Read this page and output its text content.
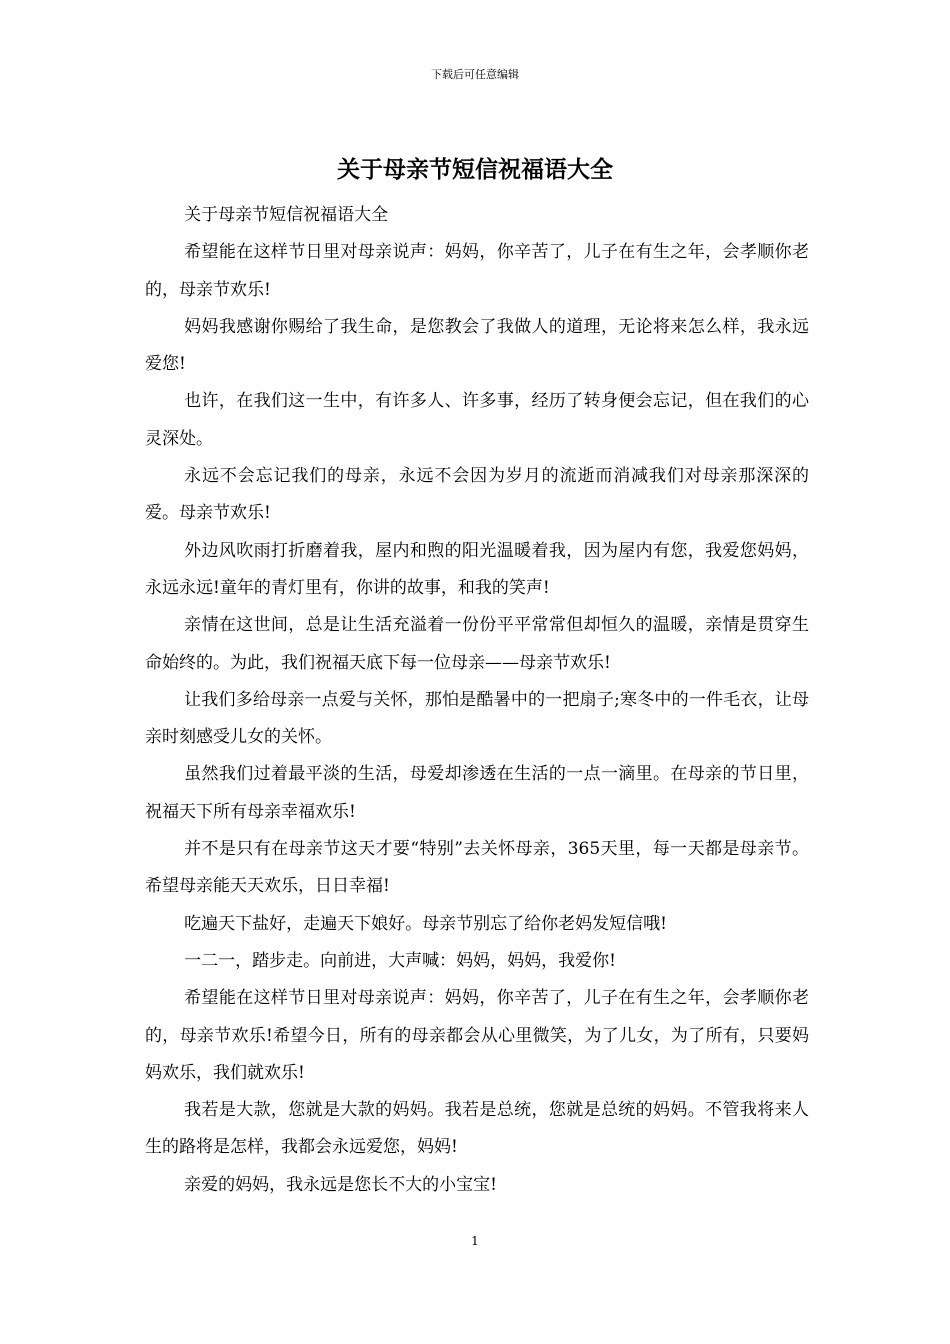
下载后可任意编辑
关于母亲节短信祝福语大全

关于母亲节短信祝福语大全

希望能在这样节日里对母亲说声：妈妈，你辛苦了，儿子在有生之年，会孝顺你老的，母亲节欢乐!

妈妈我感谢你赐给了我生命，是您教会了我做人的道理，无论将来怎么样，我永远爱您!

也许，在我们这一生中，有许多人、许多事，经历了转身便会忘记，但在我们的心灵深处。

永远不会忘记我们的母亲，永远不会因为岁月的流逝而消减我们对母亲那深深的爱。母亲节欢乐!

外边风吹雨打折磨着我，屋内和煦的阳光温暖着我，因为屋内有您，我爱您妈妈，永远永远!童年的青灯里有，你讲的故事，和我的笑声!

亲情在这世间，总是让生活充溢着一份份平平常常但却恒久的温暖，亲情是贯穿生命始终的。为此，我们祝福天底下每一位母亲——母亲节欢乐!

让我们多给母亲一点爱与关怀，那怕是酷暑中的一把扇子;寒冬中的一件毛衣，让母亲时刻感受儿女的关怀。

虽然我们过着最平淡的生活，母爱却渗透在生活的一点一滴里。在母亲的节日里，祝福天下所有母亲幸福欢乐!

并不是只有在母亲节这天才要“特别”去关怀母亲，365天里，每一天都是母亲节。希望母亲能天天欢乐，日日幸福!

吃遍天下盐好，走遍天下娘好。母亲节别忘了给你老妈发短信哦!

一二一，踏步走。向前进，大声喊：妈妈，妈妈，我爱你!

希望能在这样节日里对母亲说声：妈妈，你辛苦了，儿子在有生之年，会孝顺你老的，母亲节欢乐!希望今日，所有的母亲都会从心里微笑，为了儿女，为了所有，只要妈妈欢乐，我们就欢乐!

我若是大款，您就是大款的妈妈。我若是总统，您就是总统的妈妈。不管我将来人生的路将是怎样，我都会永远爱您，妈妈!

亲爱的妈妈，我永远是您长不大的小宝宝!

1
